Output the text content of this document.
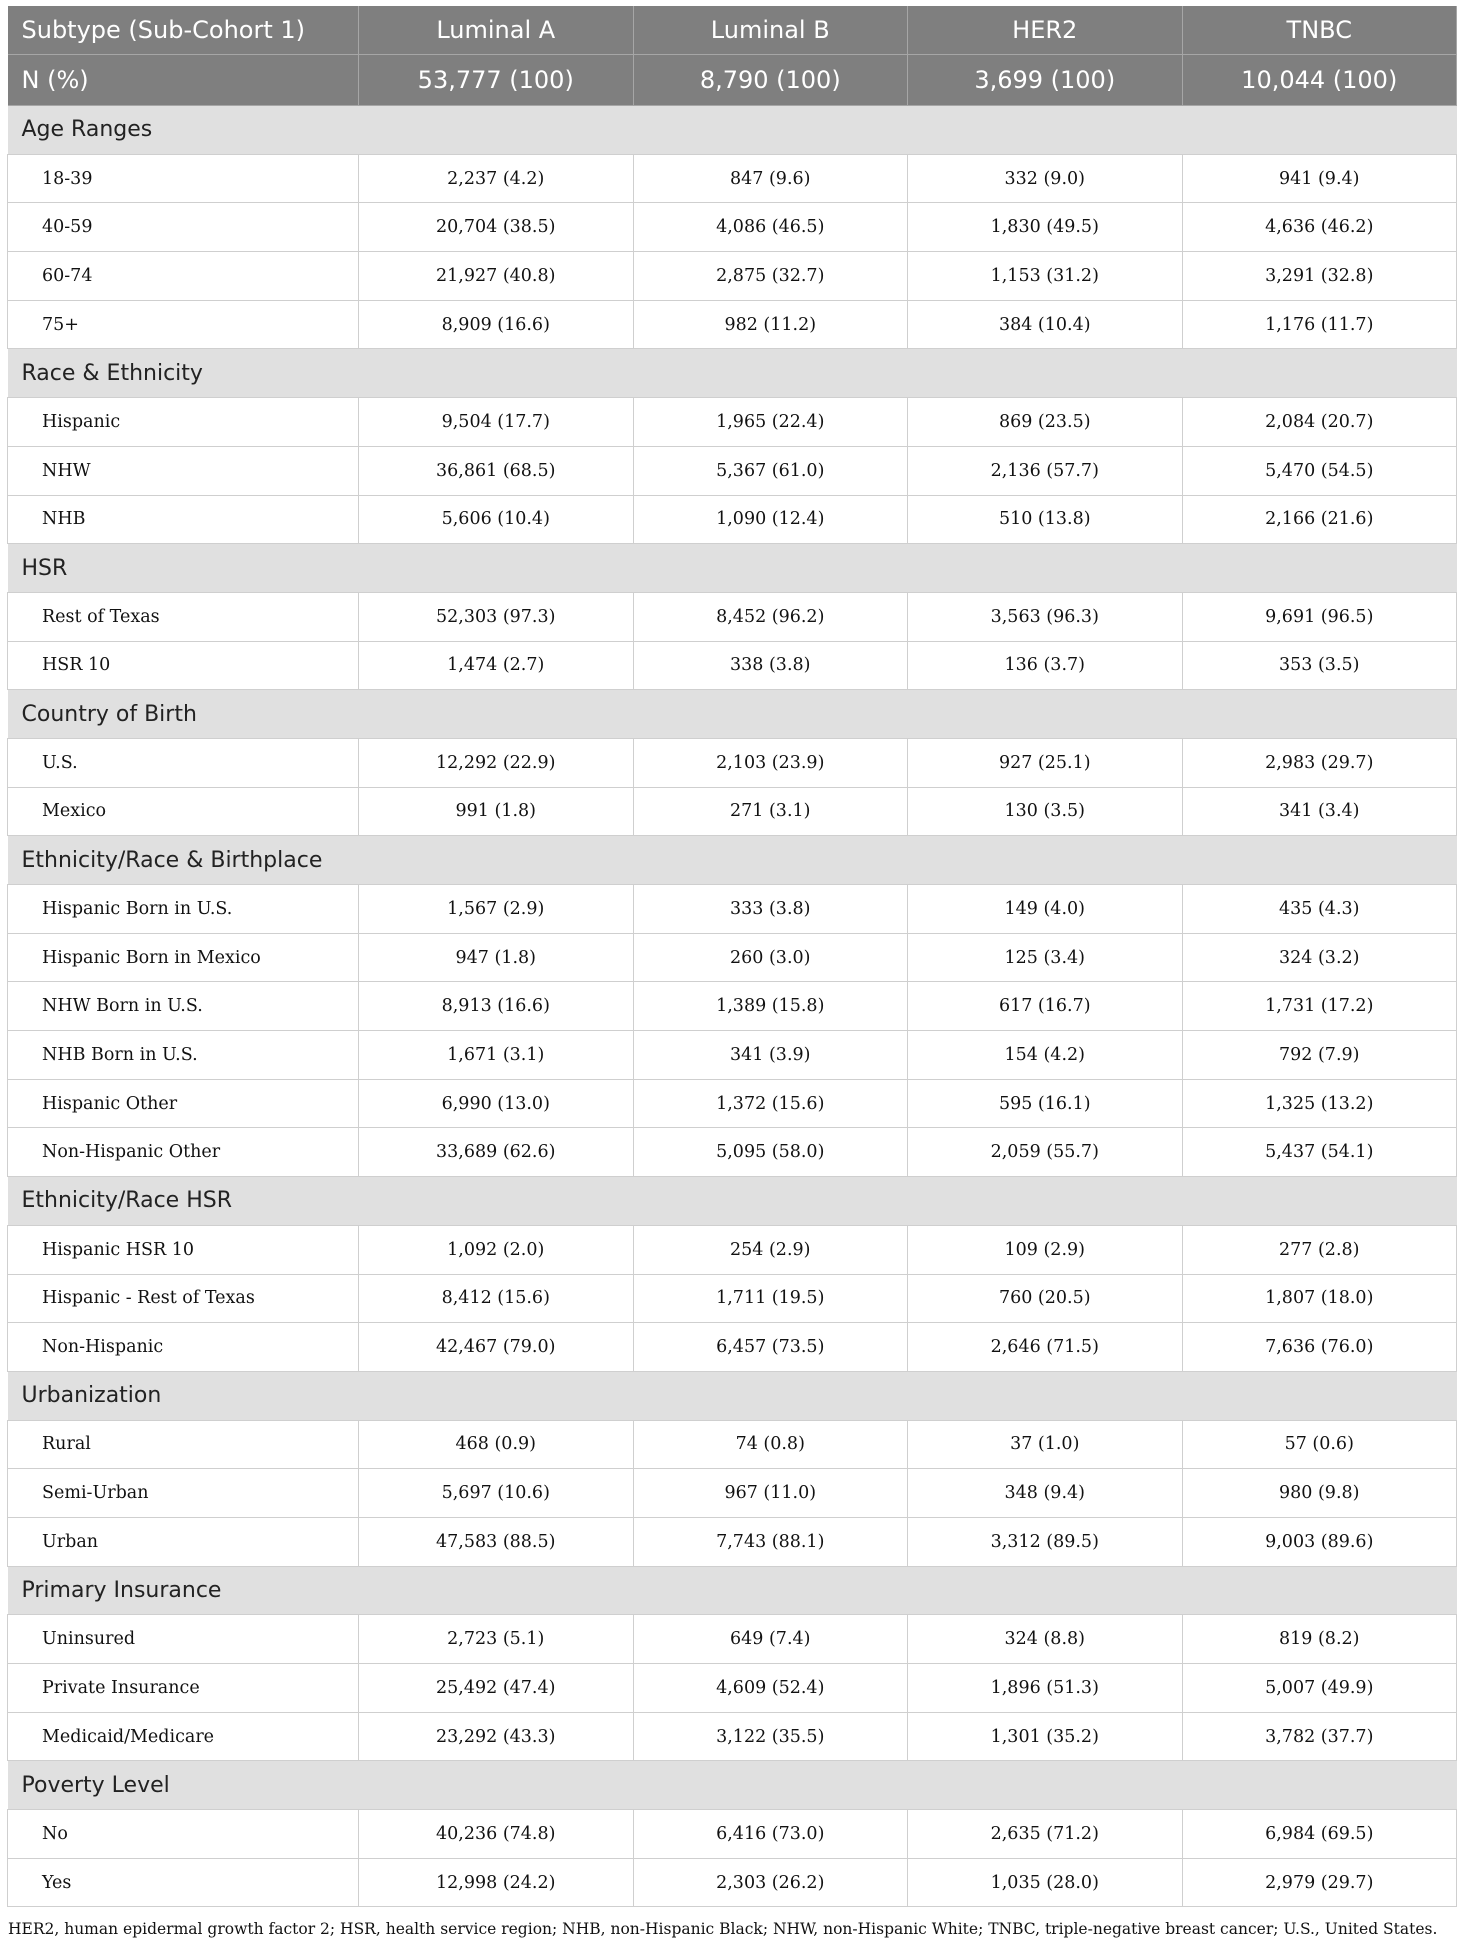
Subtype (Sub-Cohort 1)	Luminal A	Luminal B	HER2	TNBC
N (%)	53,777 (100)	8,790 (100)	3,699 (100)	10,044 (100)
Age Ranges				
18-39	2,237 (4.2)	847 (9.6)	332 (9.0)	941 (9.4)
40-59	20,704 (38.5)	4,086 (46.5)	1,830 (49.5)	4,636 (46.2)
60-74	21,927 (40.8)	2,875 (32.7)	1,153 (31.2)	3,291 (32.8)
75+	8,909 (16.6)	982 (11.2)	384 (10.4)	1,176 (11.7)
Race & Ethnicity				
Hispanic	9,504 (17.7)	1,965 (22.4)	869 (23.5)	2,084 (20.7)
NHW	36,861 (68.5)	5,367 (61.0)	2,136 (57.7)	5,470 (54.5)
NHB	5,606 (10.4)	1,090 (12.4)	510 (13.8)	2,166 (21.6)
HSR				
Rest of Texas	52,303 (97.3)	8,452 (96.2)	3,563 (96.3)	9,691 (96.5)
HSR 10	1,474 (2.7)	338 (3.8)	136 (3.7)	353 (3.5)
Country of Birth				
U.S.	12,292 (22.9)	2,103 (23.9)	927 (25.1)	2,983 (29.7)
Mexico	991 (1.8)	271 (3.1)	130 (3.5)	341 (3.4)
Ethnicity/Race & Birthplace				
Hispanic Born in U.S.	1,567 (2.9)	333 (3.8)	149 (4.0)	435 (4.3)
Hispanic Born in Mexico	947 (1.8)	260 (3.0)	125 (3.4)	324 (3.2)
NHW Born in U.S.	8,913 (16.6)	1,389 (15.8)	617 (16.7)	1,731 (17.2)
NHB Born in U.S.	1,671 (3.1)	341 (3.9)	154 (4.2)	792 (7.9)
Hispanic Other	6,990 (13.0)	1,372 (15.6)	595 (16.1)	1,325 (13.2)
Non-Hispanic Other	33,689 (62.6)	5,095 (58.0)	2,059 (55.7)	5,437 (54.1)
Ethnicity/Race HSR				
Hispanic HSR 10	1,092 (2.0)	254 (2.9)	109 (2.9)	277 (2.8)
Hispanic - Rest of Texas	8,412 (15.6)	1,711 (19.5)	760 (20.5)	1,807 (18.0)
Non-Hispanic	42,467 (79.0)	6,457 (73.5)	2,646 (71.5)	7,636 (76.0)
Urbanization				
Rural	468 (0.9)	74 (0.8)	37 (1.0)	57 (0.6)
Semi-Urban	5,697 (10.6)	967 (11.0)	348 (9.4)	980 (9.8)
Urban	47,583 (88.5)	7,743 (88.1)	3,312 (89.5)	9,003 (89.6)
Primary Insurance				
Uninsured	2,723 (5.1)	649 (7.4)	324 (8.8)	819 (8.2)
Private Insurance	25,492 (47.4)	4,609 (52.4)	1,896 (51.3)	5,007 (49.9)
Medicaid/Medicare	23,292 (43.3)	3,122 (35.5)	1,301 (35.2)	3,782 (37.7)
Poverty Level				
No	40,236 (74.8)	6,416 (73.0)	2,635 (71.2)	6,984 (69.5)
Yes	12,998 (24.2)	2,303 (26.2)	1,035 (28.0)	2,979 (29.7)
HER2, human epidermal growth factor 2; HSR, health service region; NHB, non-Hispanic Black; NHW, non-Hispanic White; TNBC, triple-negative breast cancer; U.S., United States.
